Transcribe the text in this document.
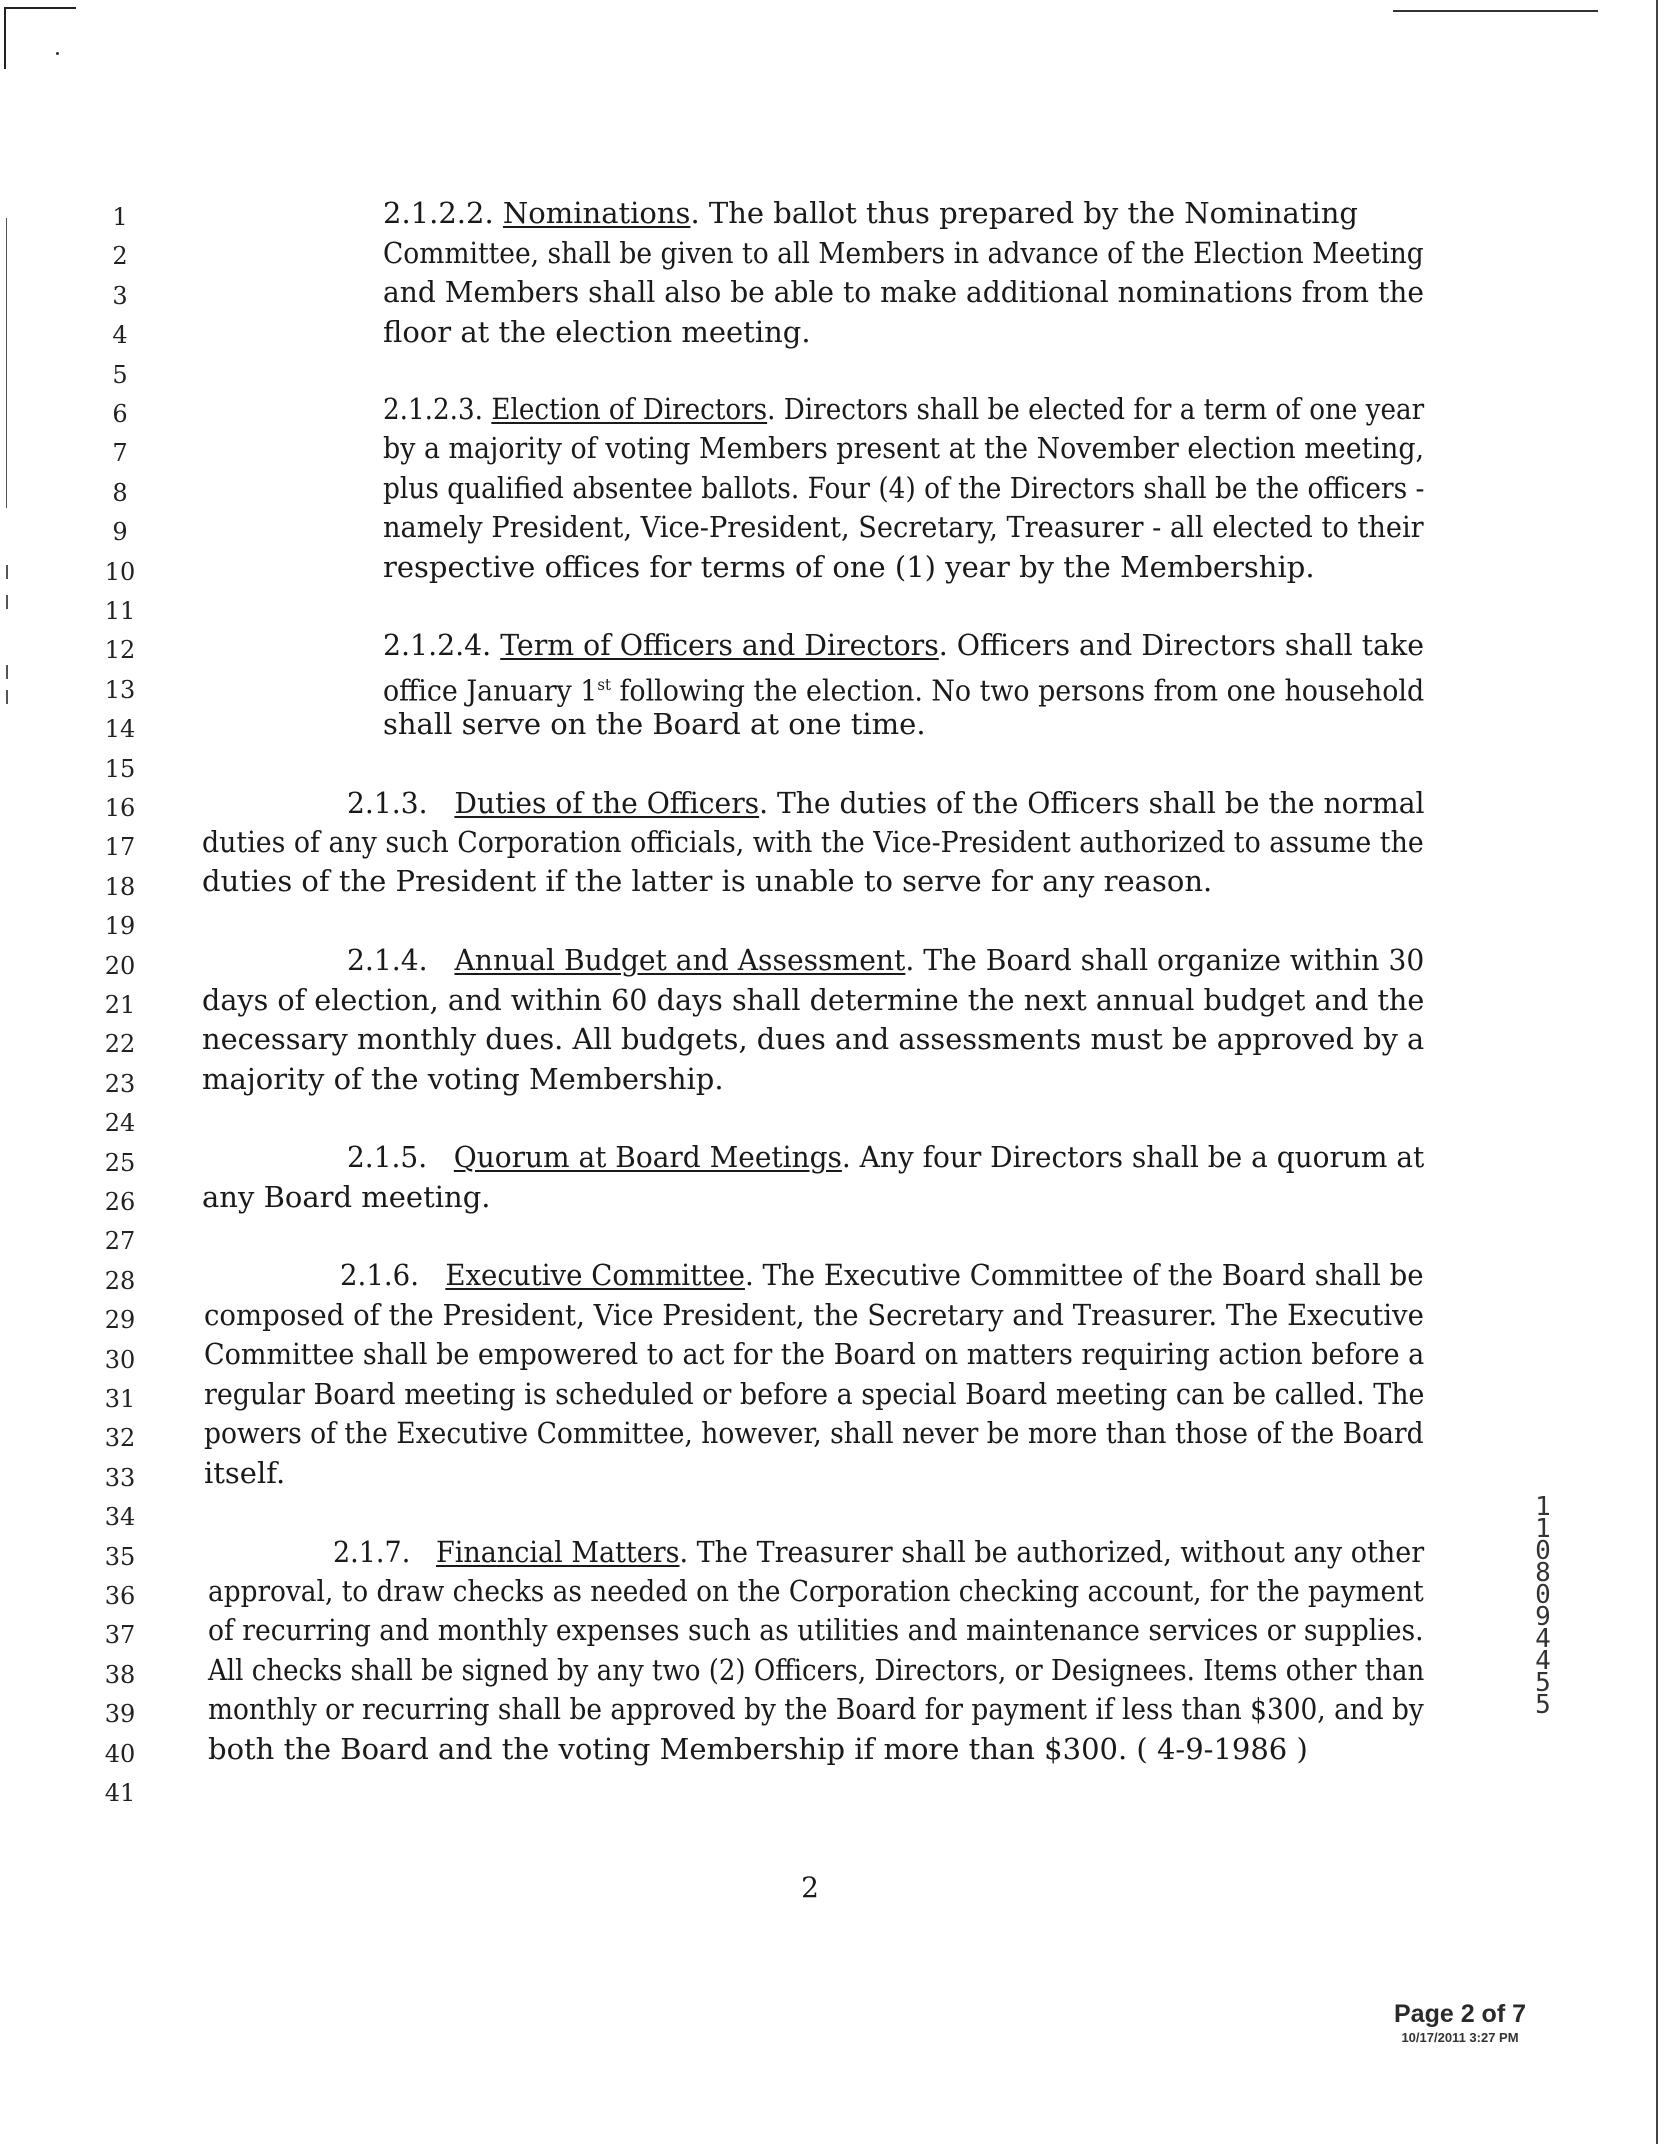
1
2
3
4
5
6
7
8
9
10
11
12
13
14
15
16
17
18
19
20
21
22
23
24
25
26
27
28
29
30
31
32
33
34
35
36
37
38
39
40
41
2.1.2.2. Nominations. The ballot thus prepared by the Nominating
Committee, shall be given to all Members in advance of the Election Meeting
and Members shall also be able to make additional nominations from the
floor at the election meeting.
2.1.2.3. Election of Directors. Directors shall be elected for a term of one year
by a majority of voting Members present at the November election meeting,
plus qualified absentee ballots. Four (4) of the Directors shall be the officers -
namely President, Vice-President, Secretary, Treasurer - all elected to their
respective offices for terms of one (1) year by the Membership.
2.1.2.4. Term of Officers and Directors. Officers and Directors shall take
office January 1st following the election. No two persons from one household
shall serve on the Board at one time.
2.1.3. Duties of the Officers. The duties of the Officers shall be the normal
duties of any such Corporation officials, with the Vice-President authorized to assume the
duties of the President if the latter is unable to serve for any reason.
2.1.4. Annual Budget and Assessment. The Board shall organize within 30
days of election, and within 60 days shall determine the next annual budget and the
necessary monthly dues. All budgets, dues and assessments must be approved by a
majority of the voting Membership.
2.1.5. Quorum at Board Meetings. Any four Directors shall be a quorum at
any Board meeting.
2.1.6. Executive Committee. The Executive Committee of the Board shall be
composed of the President, Vice President, the Secretary and Treasurer. The Executive
Committee shall be empowered to act for the Board on matters requiring action before a
regular Board meeting is scheduled or before a special Board meeting can be called. The
powers of the Executive Committee, however, shall never be more than those of the Board
itself.
2.1.7. Financial Matters. The Treasurer shall be authorized, without any other
approval, to draw checks as needed on the Corporation checking account, for the payment
of recurring and monthly expenses such as utilities and maintenance services or supplies.
All checks shall be signed by any two (2) Officers, Directors, or Designees. Items other than
monthly or recurring shall be approved by the Board for payment if less than $300, and by
both the Board and the voting Membership if more than $300. ( 4-9-1986 )
1108094455
2
Page 2 of 7
10/17/2011 3:27 PM
